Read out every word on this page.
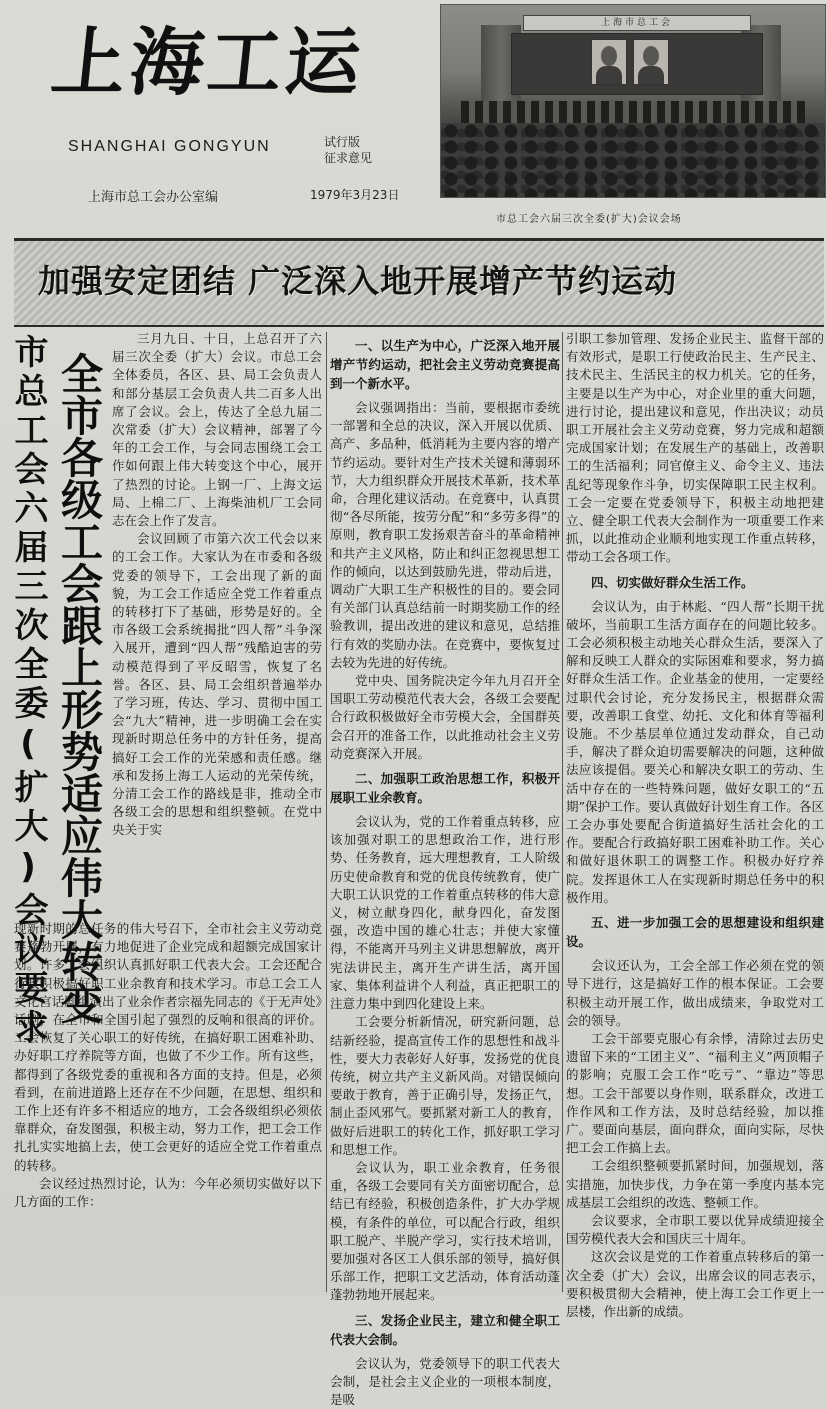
上海工运
SHANGHAI GONGYUN	试行版
征求意见
上海市总工会办公室编	1979年3月23日
上海市总工会
市总工会六届三次全委(扩大)会议会场
加强安定团结 广泛深入地开展增产节约运动
市总工会六届三次全委(扩大)会议要求 全市各级工会跟上形势适应伟大转变

三月九日、十日，上总召开了六届三次全委（扩大）会议。市总工会全体委员，各区、县、局工会负责人和部分基层工会负责人共二百多人出席了会议。会上，传达了全总九届二次常委（扩大）会议精神，部署了今年的工会工作，与会同志围绕工会工作如何跟上伟大转变这个中心，展开了热烈的讨论。上钢一厂、上海文运局、上棉二厂、上海柴油机厂工会同志在会上作了发言。

会议回顾了市第六次工代会以来的工会工作。大家认为在市委和各级党委的领导下，工会出现了新的面貌，为工会工作适应全党工作着重点的转移打下了基础，形势是好的。全市各级工会系统揭批“四人帮”斗争深入展开，遭到“四人帮”残酷迫害的劳动模范得到了平反昭雪，恢复了名誉。各区、县、局工会组织普遍举办了学习班，传达、学习、贯彻中国工会“九大”精神，进一步明确工会在实现新时期总任务中的方针任务，提高搞好工会工作的光荣感和责任感。继承和发扬上海工人运动的光荣传统，分清工会工作的路线是非，推动全市各级工会的思想和组织整顿。在党中央关于实

现新时期的总任务的伟大号召下，全市社会主义劳动竞赛蓬勃开展，有力地促进了企业完成和超额完成国家计划。许多工会组织认真抓好职工代表大会。工会还配合行政积极搞好职工业余教育和技术学习。市总工会工人文化宫话剧组演出了业余作者宗福先同志的《于无声处》话剧，在全市和全国引起了强烈的反响和很高的评价。工会恢复了关心职工的好传统，在搞好职工困难补助、办好职工疗养院等方面，也做了不少工作。所有这些，都得到了各级党委的重视和各方面的支持。但是，必须看到，在前进道路上还存在不少问题，在思想、组织和工作上还有许多不相适应的地方，工会各级组织必须依靠群众，奋发图强，积极主动，努力工作，把工会工作扎扎实实地搞上去，使工会更好的适应全党工作着重点的转移。

会议经过热烈讨论，认为：今年必须切实做好以下几方面的工作：

一、以生产为中心，广泛深入地开展增产节约运动，把社会主义劳动竞赛提高到一个新水平。

会议强调指出：当前，要根据市委统一部署和全总的决议，深入开展以优质、高产、多品种，低消耗为主要内容的增产节约运动。要针对生产技术关键和薄弱环节，大力组织群众开展技术革新，技术革命，合理化建议活动。在竞赛中，认真贯彻“各尽所能，按劳分配”和“多劳多得”的原则，教育职工发扬艰苦奋斗的革命精神和共产主义风格，防止和纠正忽视思想工作的倾向，以达到鼓励先进，带动后进，调动广大职工生产积极性的目的。要会同有关部门认真总结前一时期奖励工作的经验教训，提出改进的建议和意见，总结推行有效的奖励办法。在竞赛中，要恢复过去较为先进的好传统。

党中央、国务院决定今年九月召开全国职工劳动模范代表大会，各级工会要配合行政积极做好全市劳模大会，全国群英会召开的准备工作，以此推动社会主义劳动竞赛深入开展。

二、加强职工政治思想工作，积极开展职工业余教育。

会议认为，党的工作着重点转移，应该加强对职工的思想政治工作，进行形势、任务教育，远大理想教育，工人阶级历史使命教育和党的优良传统教育，使广大职工认识党的工作着重点转移的伟大意义，树立献身四化，献身四化，奋发图强，改造中国的雄心壮志；并使大家懂得，不能离开马列主义讲思想解放，离开宪法讲民主，离开生产讲生活，离开国家、集体利益讲个人利益，真正把职工的注意力集中到四化建设上来。

工会要分析新情况，研究新问题，总结新经验，提高宣传工作的思想性和战斗性，要大力表彰好人好事，发扬党的优良传统，树立共产主义新风尚。对错误倾向要敢于教育，善于正确引导，发扬正气，制止歪风邪气。要抓紧对新工人的教育，做好后进职工的转化工作，抓好职工学习和思想工作。

会议认为，职工业余教育，任务很重，各级工会要同有关方面密切配合，总结已有经验，积极创造条件，扩大办学规模，有条件的单位，可以配合行政，组织职工脱产、半脱产学习，实行技术培训，要加强对各区工人俱乐部的领导，搞好俱乐部工作，把职工文艺活动，体育活动蓬蓬勃勃地开展起来。

三、发扬企业民主，建立和健全职工代表大会制。

会议认为，党委领导下的职工代表大会制，是社会主义企业的一项根本制度，是吸

引职工参加管理、发扬企业民主、监督干部的有效形式，是职工行使政治民主、生产民主、技术民主、生活民主的权力机关。它的任务，主要是以生产为中心，对企业里的重大问题，进行讨论，提出建议和意见，作出决议；动员职工开展社会主义劳动竞赛，努力完成和超额完成国家计划；在发展生产的基础上，改善职工的生活福利；同官僚主义、命令主义、违法乱纪等现象作斗争，切实保障职工民主权利。工会一定要在党委领导下，积极主动地把建立、健全职工代表大会制作为一项重要工作来抓，以此推动企业顺利地实现工作重点转移，带动工会各项工作。

四、切实做好群众生活工作。

会议认为，由于林彪、“四人帮”长期干扰破坏，当前职工生活方面存在的问题比较多。工会必须积极主动地关心群众生活，要深入了解和反映工人群众的实际困难和要求，努力搞好群众生活工作。企业基金的使用，一定要经过职代会讨论，充分发扬民主，根据群众需要，改善职工食堂、幼托、文化和体育等福利设施。不少基层单位通过发动群众，自己动手，解决了群众迫切需要解决的问题，这种做法应该提倡。要关心和解决女职工的劳动、生活中存在的一些特殊问题，做好女职工的“五期”保护工作。要认真做好计划生育工作。各区工会办事处要配合街道搞好生活社会化的工作。要配合行政搞好职工困难补助工作。关心和做好退休职工的调整工作。积极办好疗养院。发挥退休工人在实现新时期总任务中的积极作用。

五、进一步加强工会的思想建设和组织建设。

会议还认为，工会全部工作必须在党的领导下进行，这是搞好工作的根本保证。工会要积极主动开展工作，做出成绩来，争取党对工会的领导。

工会干部要克服心有余悸，清除过去历史遗留下来的“工团主义”、“福利主义”两顶帽子的影响；克服工会工作“吃亏”、“靠边”等思想。工会干部要以身作则，联系群众，改进工作作风和工作方法，及时总结经验，加以推广。要面向基层，面向群众，面向实际，尽快把工会工作搞上去。

工会组织整顿要抓紧时间，加强规划，落实措施，加快步伐，力争在第一季度内基本完成基层工会组织的改选、整顿工作。

会议要求，全市职工要以优异成绩迎接全国劳模代表大会和国庆三十周年。

这次会议是党的工作着重点转移后的第一次全委（扩大）会议，出席会议的同志表示，要积极贯彻大会精神，使上海工会工作更上一层楼，作出新的成绩。
